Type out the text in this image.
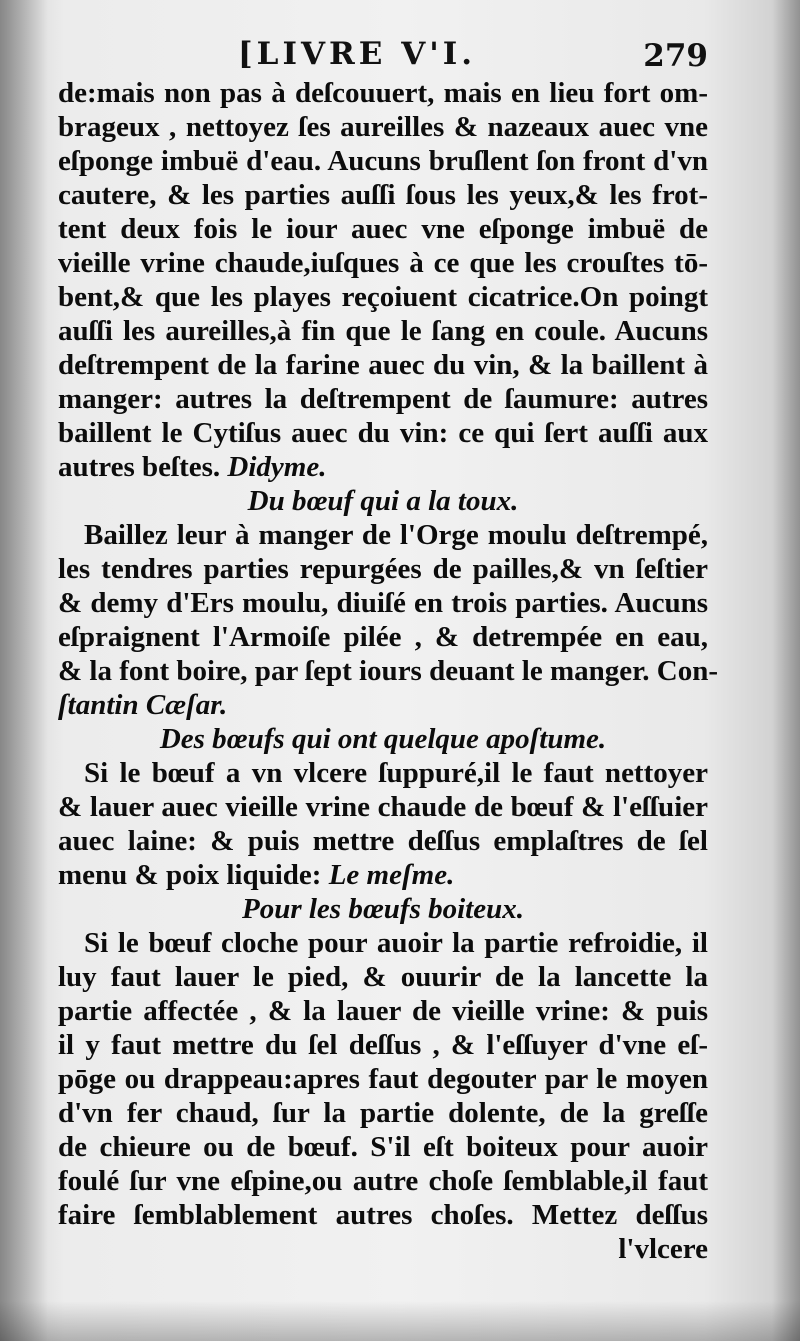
[LIVRE V'I.	279
de:mais non pas à deſcouuert, mais en lieu fort om-
brageux , nettoyez ſes aureilles & nazeaux auec vne
eſponge imbuë d'eau. Aucuns bruſlent ſon front d'vn
cautere, & les parties auſſi ſous les yeux,& les frot-
tent deux fois le iour auec vne eſponge imbuë de
vieille vrine chaude,iuſques à ce que les crouſtes tō-
bent,& que les playes reçoiuent cicatrice.On poingt
auſſi les aureilles,à fin que le ſang en coule. Aucuns
deſtrempent de la farine auec du vin, & la baillent à
manger: autres la deſtrempent de ſaumure: autres
baillent le Cytiſus auec du vin: ce qui ſert auſſi aux
autres beſtes. Didyme.
Du bœuf qui a la toux.
Baillez leur à manger de l'Orge moulu deſtrempé,
les tendres parties repurgées de pailles,& vn ſeſtier
& demy d'Ers moulu, diuiſé en trois parties. Aucuns
eſpraignent l'Armoiſe pilée , & detrempée en eau,
& la font boire, par ſept iours deuant le manger. Con-
ſtantin Cæſar.
Des bœufs qui ont quelque apoſtume.
Si le bœuf a vn vlcere ſuppuré,il le faut nettoyer
& lauer auec vieille vrine chaude de bœuf & l'eſſuier
auec laine: & puis mettre deſſus emplaſtres de ſel
menu & poix liquide: Le meſme.
Pour les bœufs boiteux.
Si le bœuf cloche pour auoir la partie refroidie, il
luy faut lauer le pied, & ouurir de la lancette la
partie affectée , & la lauer de vieille vrine: & puis
il y faut mettre du ſel deſſus , & l'eſſuyer d'vne eſ-
pōge ou drappeau:apres faut degouter par le moyen
d'vn fer chaud, ſur la partie dolente, de la greſſe
de chieure ou de bœuf. S'il eſt boiteux pour auoir
foulé ſur vne eſpine,ou autre choſe ſemblable,il faut
faire ſemblablement autres choſes. Mettez deſſus
l'vlcere
